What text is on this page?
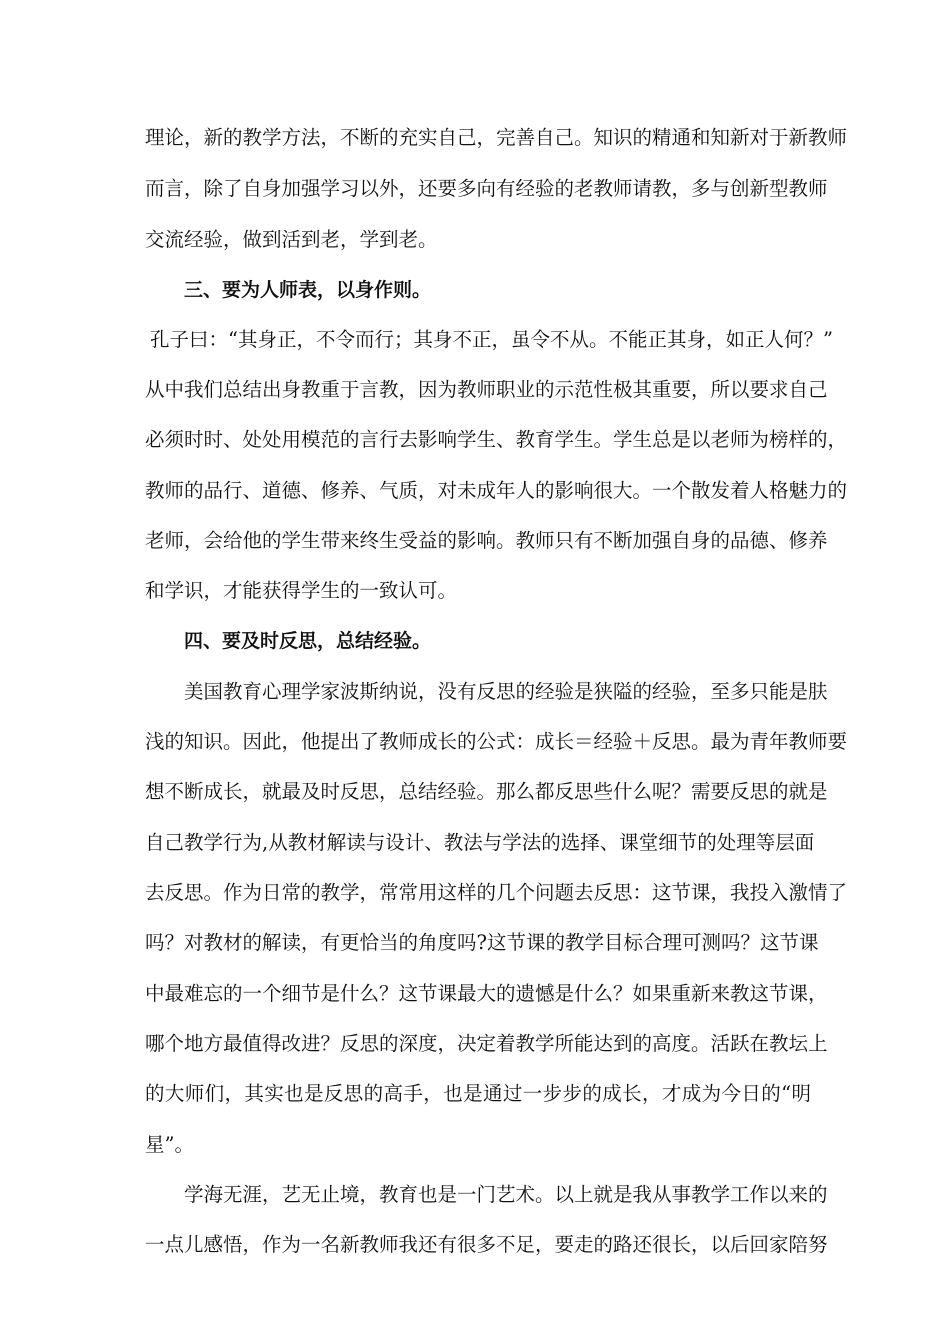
理论，新的教学方法，不断的充实自己，完善自己。知识的精通和知新对于新教师
而言，除了自身加强学习以外，还要多向有经验的老教师请教，多与创新型教师
交流经验，做到活到老，学到老。
三、要为人师表，以身作则。
孔子曰：“其身正，不令而行；其身不正，虽令不从。不能正其身，如正人何？”
从中我们总结出身教重于言教，因为教师职业的示范性极其重要，所以要求自己
必须时时、处处用模范的言行去影响学生、教育学生。学生总是以老师为榜样的，
教师的品行、道德、修养、气质，对未成年人的影响很大。一个散发着人格魅力的
老师，会给他的学生带来终生受益的影响。教师只有不断加强自身的品德、修养
和学识，才能获得学生的一致认可。
四、要及时反思，总结经验。
美国教育心理学家波斯纳说，没有反思的经验是狭隘的经验，至多只能是肤
浅的知识。因此，他提出了教师成长的公式：成长＝经验＋反思。最为青年教师要
想不断成长，就最及时反思，总结经验。那么都反思些什么呢？需要反思的就是
自己教学行为,从教材解读与设计、教法与学法的选择、课堂细节的处理等层面
去反思。作为日常的教学，常常用这样的几个问题去反思：这节课，我投入激情了
吗？对教材的解读，有更恰当的角度吗?这节课的教学目标合理可测吗？这节课
中最难忘的一个细节是什么？这节课最大的遗憾是什么？如果重新来教这节课，
哪个地方最值得改进？反思的深度，决定着教学所能达到的高度。活跃在教坛上
的大师们，其实也是反思的高手，也是通过一步步的成长，才成为今日的“明
星”。
学海无涯，艺无止境，教育也是一门艺术。以上就是我从事教学工作以来的
一点儿感悟，作为一名新教师我还有很多不足，要走的路还很长，以后回家陪努
